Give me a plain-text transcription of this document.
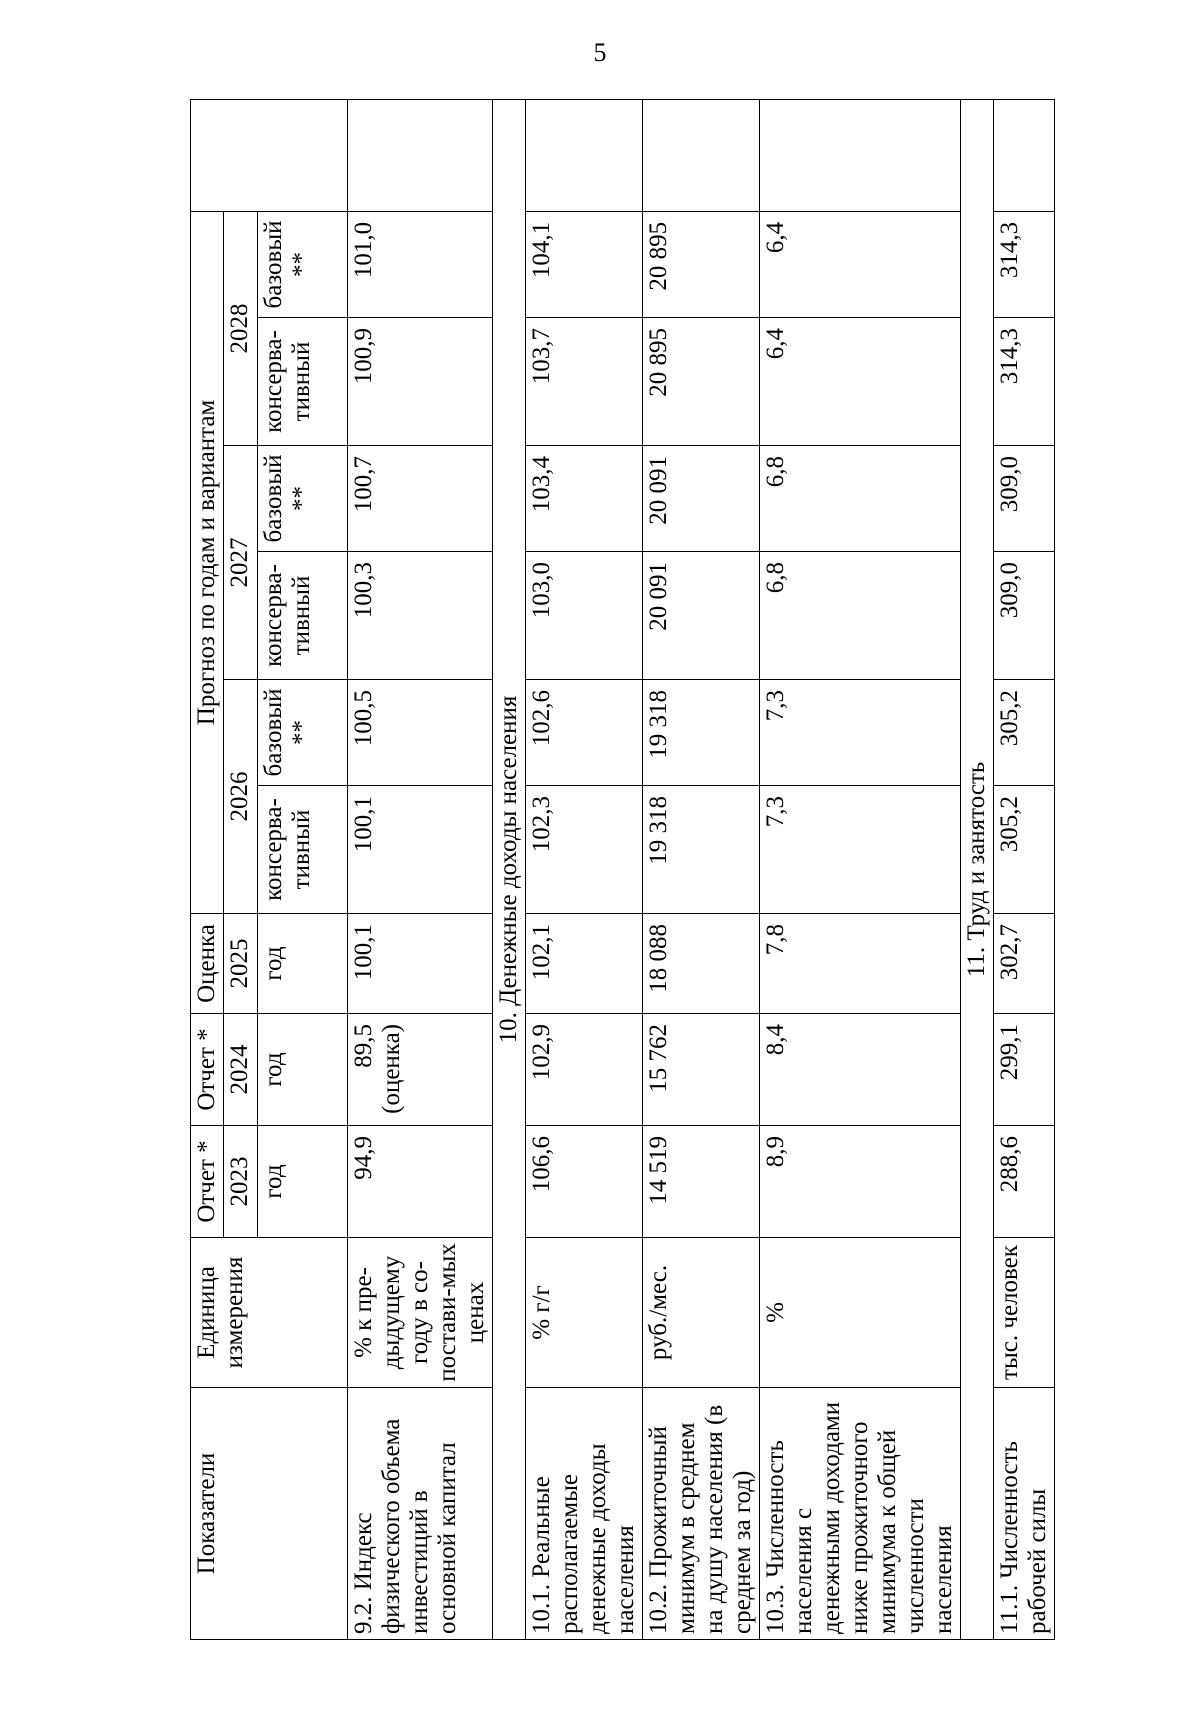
5

Показатели	Единица измерения	Отчет *	Отчет *	Оценка	Прогноз по годам и вариантам						
		2023	2024	2025	2026		2027		2028		
		год	год	год	консерва-тивный	базовый **	консерва-тивный	базовый **	консерва-тивный	базовый **	
9.2. Индекс физического объема инвестиций в основной капитал	% к пре-дыдущему году в со-постави-мых ценах	94,9	89,5 (оценка)	100,1	100,1	100,5	100,3	100,7	100,9	101,0	
10. Денежные доходы населения											
10.1. Реальные располагаемые денежные доходы населения	% г/г	106,6	102,9	102,1	102,3	102,6	103,0	103,4	103,7	104,1	
10.2. Прожиточный минимум в среднем на душу населения (в среднем за год)	руб./мес.	14 519	15 762	18 088	19 318	19 318	20 091	20 091	20 895	20 895	
10.3. Численность населения с денежными доходами ниже прожиточного минимума к общей численности населения	%	8,9	8,4	7,8	7,3	7,3	6,8	6,8	6,4	6,4	
11. Труд и занятость											
11.1. Численность рабочей силы	тыс. человек	288,6	299,1	302,7	305,2	305,2	309,0	309,0	314,3	314,3	
